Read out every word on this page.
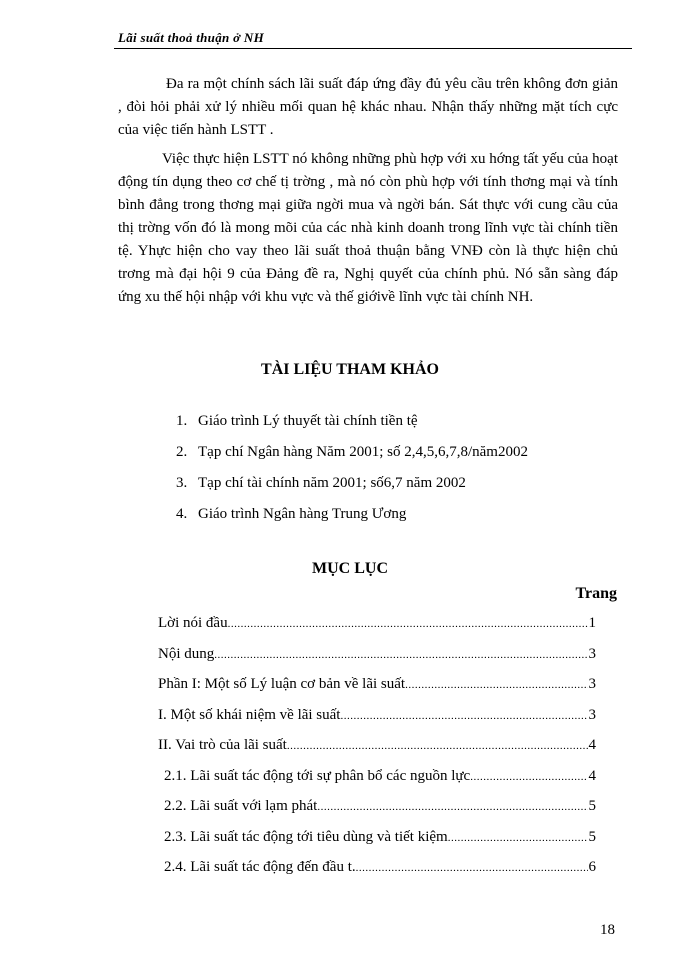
Lãi suất thoả thuận ở NH

Đa ra một chính sách lãi suất đáp ứng đầy đủ yêu cầu trên không đơn giản , đòi hỏi phải xử lý nhiều mối quan hệ khác nhau. Nhận thấy những mặt tích cực của việc tiến hành LSTT .

Việc thực hiện LSTT nó không những phù hợp với xu hớng tất yếu của hoạt động tín dụng theo cơ chế tị trờng , mà nó còn phù hợp với tính thơng mại và tính bình đẳng trong thơng mại giữa ngời mua và ngời bán. Sát thực với cung cầu của thị trờng vốn đó là mong mõi của các nhà kinh doanh trong lĩnh vực tài chính tiền tệ. Yhực hiện cho vay theo lãi suất thoả thuận bằng VNĐ còn là thực hiện chủ trơng mà đại hội 9 của Đảng đề ra, Nghị quyết của chính phủ. Nó sẵn sàng đáp ứng xu thế hội nhập với khu vực và thế giớivề lĩnh vực tài chính NH.

TÀI LIỆU THAM KHẢO
1. Giáo trình Lý thuyết tài chính tiền tệ
2. Tạp chí Ngân hàng Năm 2001; số 2,4,5,6,7,8/năm2002
3. Tạp chí tài chính năm 2001; số6,7 năm 2002
4. Giáo trình Ngân hàng Trung Ương
MỤC LỤC
Trang
Lời nói đầu .....	1
Nội dung .....	3
Phần I: Một số Lý luận cơ bản về lãi suất .....	3
I. Một số khái niệm về lãi suất .....	3
II. Vai trò của lãi suất .....	4
2.1. Lãi suất tác động tới sự phân bổ các nguồn lực .....	4
2.2. Lãi suất với lạm phát .....	5
2.3. Lãi suất tác động tới tiêu dùng và tiết kiệm .....	5
2.4. Lãi suất tác động đến đầu t. .....	6
18
